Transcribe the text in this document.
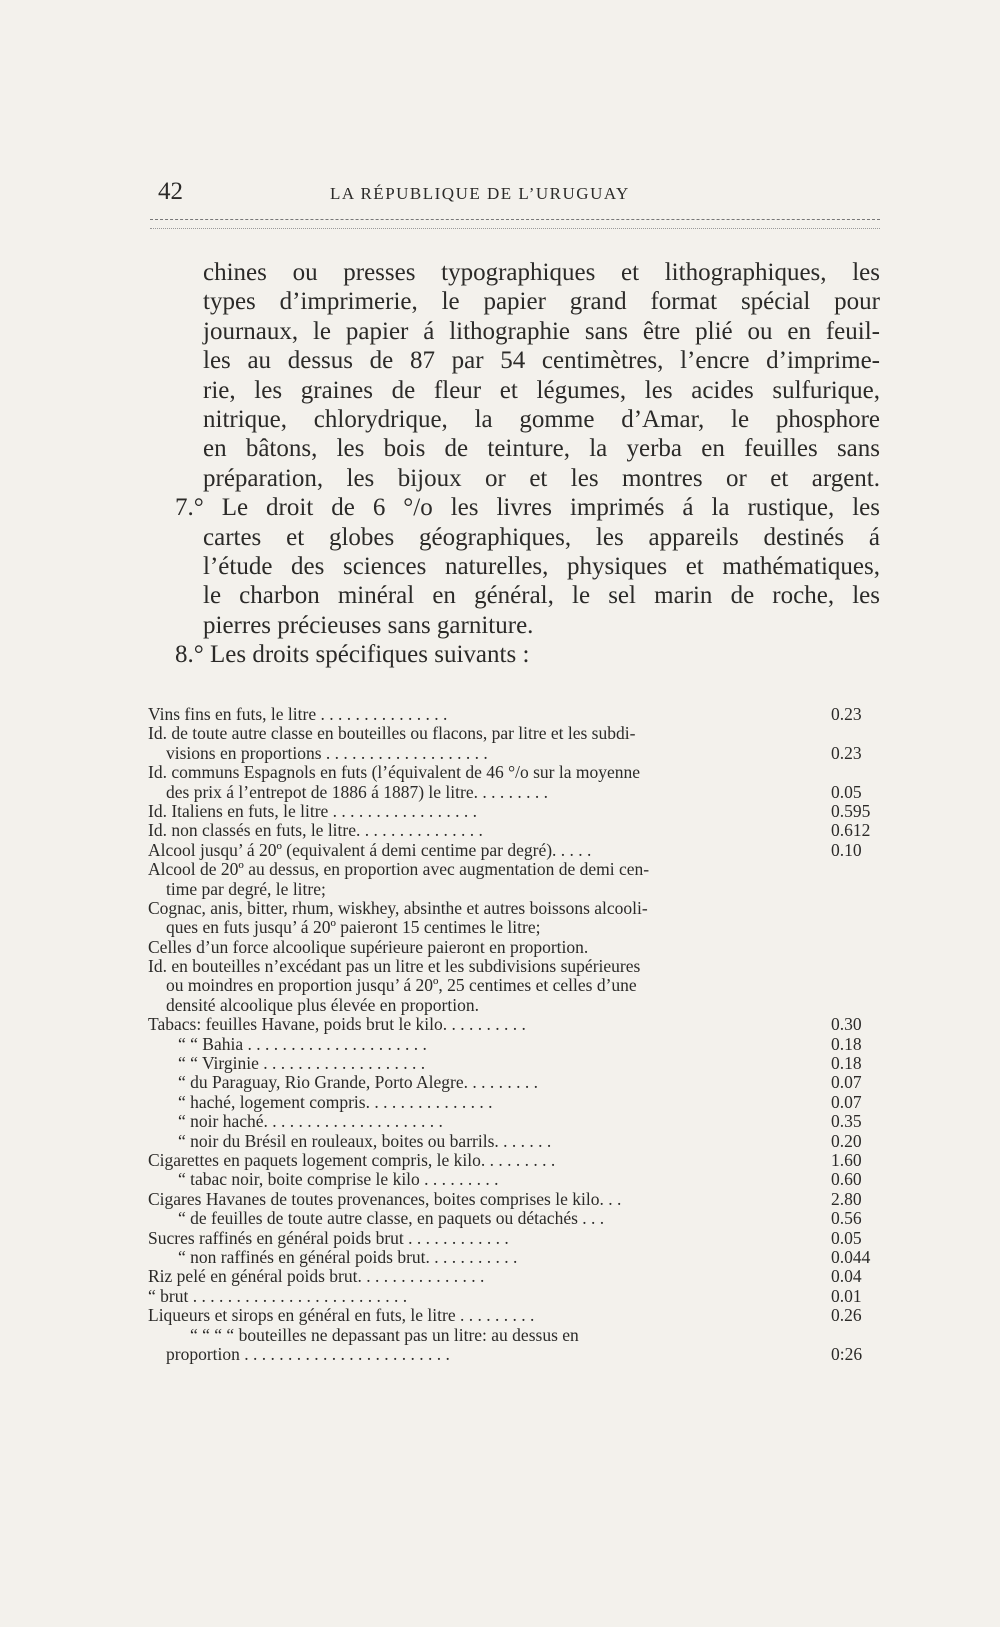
42	LA RÉPUBLIQUE DE L’URUGUAY
chines ou presses typographiques et lithographiques, les
types d’imprimerie, le papier grand format spécial pour
journaux, le papier á lithographie sans être plié ou en feuil-
les au dessus de 87 par 54 centimètres, l’encre d’imprime-
rie, les graines de fleur et légumes, les acides sulfurique,
nitrique, chlorydrique, la gomme d’Amar, le phosphore
en bâtons, les bois de teinture, la yerba en feuilles sans
préparation, les bijoux or et les montres or et argent.
7.° Le droit de 6 °/o les livres imprimés á la rustique, les
cartes et globes géographiques, les appareils destinés á
l’étude des sciences naturelles, physiques et mathématiques,
le charbon minéral en général, le sel marin de roche, les
pierres précieuses sans garniture.
8.° Les droits spécifiques suivants :
Vins fins en futs, le litre . . . . . . . . . . . . . . .	0.23
Id. de toute autre classe en bouteilles ou flacons, par litre et les subdi-
visions en proportions . . . . . . . . . . . . . . . . . . .	0.23
Id. communs Espagnols en futs (l’équivalent de 46 °/o sur la moyenne
des prix á l’entrepot de 1886 á 1887) le litre. . . . . . . . .	0.05
Id. Italiens en futs, le litre . . . . . . . . . . . . . . . . .	0.595
Id. non classés en futs, le litre. . . . . . . . . . . . . . .	0.612
Alcool jusqu’ á 20º (equivalent á demi centime par degré). . . . .	0.10
Alcool de 20º au dessus, en proportion avec augmentation de demi cen-
time par degré, le litre;
Cognac, anis, bitter, rhum, wiskhey, absinthe et autres boissons alcooli-
ques en futs jusqu’ á 20º paieront 15 centimes le litre;
Celles d’un force alcoolique supérieure paieront en proportion.
Id. en bouteilles n’excédant pas un litre et les subdivisions supérieures
ou moindres en proportion jusqu’ á 20º, 25 centimes et celles d’une
densité alcoolique plus élevée en proportion.
Tabacs: feuilles Havane, poids brut le kilo. . . . . . . . . .	0.30
“ “ Bahia . . . . . . . . . . . . . . . . . . . . .	0.18
“ “ Virginie . . . . . . . . . . . . . . . . . . .	0.18
“ du Paraguay, Rio Grande, Porto Alegre. . . . . . . . .	0.07
“ haché, logement compris. . . . . . . . . . . . . . .	0.07
“ noir haché. . . . . . . . . . . . . . . . . . . . .	0.35
“ noir du Brésil en rouleaux, boites ou barrils. . . . . . .	0.20
Cigarettes en paquets logement compris, le kilo. . . . . . . . .	1.60
“ tabac noir, boite comprise le kilo . . . . . . . . .	0.60
Cigares Havanes de toutes provenances, boites comprises le kilo. . .	2.80
“ de feuilles de toute autre classe, en paquets ou détachés . . .	0.56
Sucres raffinés en général poids brut . . . . . . . . . . . .	0.05
“ non raffinés en général poids brut. . . . . . . . . . .	0.044
Riz pelé en général poids brut. . . . . . . . . . . . . . .	0.04
“ brut . . . . . . . . . . . . . . . . . . . . . . . . .	0.01
Liqueurs et sirops en général en futs, le litre . . . . . . . . .	0.26
“ “ “ “ bouteilles ne depassant pas un litre: au dessus en
proportion . . . . . . . . . . . . . . . . . . . . . . . .	0:26
